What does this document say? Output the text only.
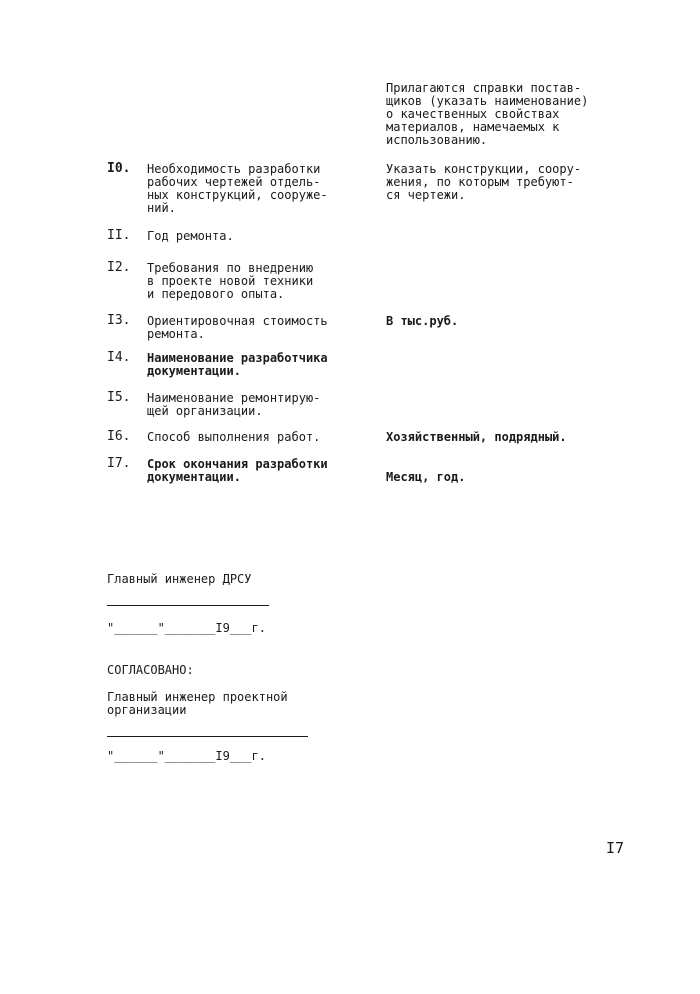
Прилагаются справки постав-
щиков (указать наименование)
о качественных свойствах
материалов, намечаемых к
использованию.
I0. Необходимость разработки
рабочих чертежей отдель-
ных конструкций, сооруже-
ний.
Указать конструкции, соору-
жения, по которым требуют-
ся чертежи.
II. Год ремонта.
I2. Требования по внедрению
в проекте новой техники
и передового опыта.
I3. Ориентировочная стоимость
ремонта.
В тыс.руб.
I4. Наименование разработчика
документации.
I5. Наименование ремонтирую-
щей организации.
I6. Способ выполнения работ.	Хозяйственный, подрядный.
I7. Срок окончания разработки
документации.	Месяц, год.
Главный инженер ДРСУ
"______"_______I9___г.
СОГЛАСОВАНО:
Главный инженер проектной
организации
"______"_______I9___г.
I7
